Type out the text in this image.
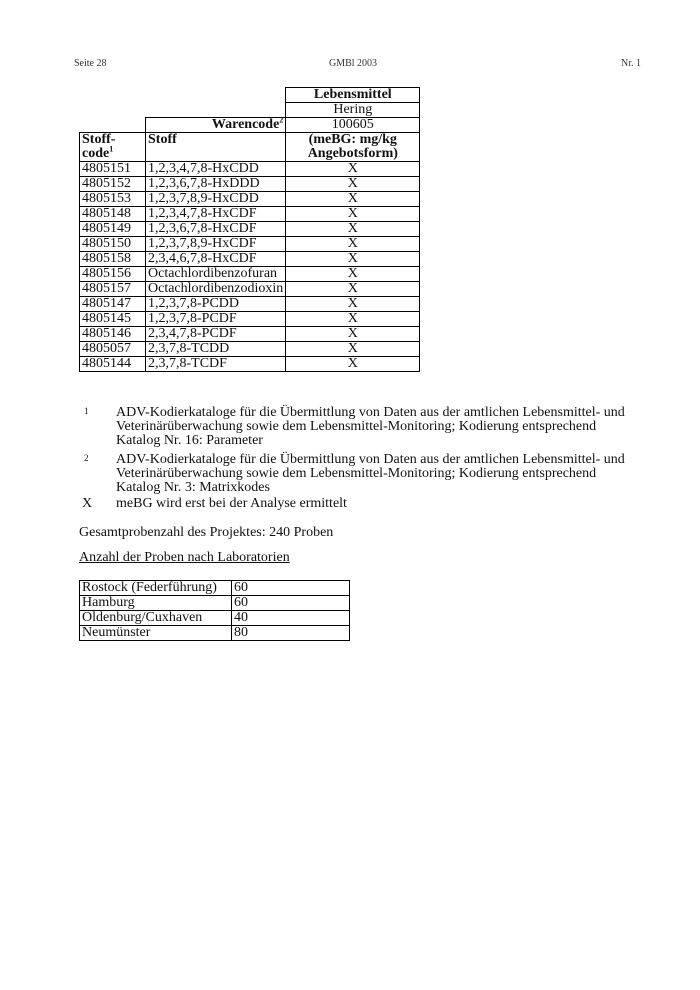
Seite 28	GMBl 2003	Nr. 1
		Lebensmittel
		Hering
	Warencode$^2$	100605
Stoff-code$^1$	Stoff	(meBG: mg/kg Angebotsform)
4805151	1,2,3,4,7,8-HxCDD	X
4805152	1,2,3,6,7,8-HxDDD	X
4805153	1,2,3,7,8,9-HxCDD	X
4805148	1,2,3,4,7,8-HxCDF	X
4805149	1,2,3,6,7,8-HxCDF	X
4805150	1,2,3,7,8,9-HxCDF	X
4805158	2,3,4,6,7,8-HxCDF	X
4805156	Octachlordibenzofuran	X
4805157	Octachlordibenzodioxin	X
4805147	1,2,3,7,8-PCDD	X
4805145	1,2,3,7,8-PCDF	X
4805146	2,3,4,7,8-PCDF	X
4805057	2,3,7,8-TCDD	X
4805144	2,3,7,8-TCDF	X
1 ADV-Kodierkataloge für die Übermittlung von Daten aus der amtlichen Lebensmittel- und Veterinärüberwachung sowie dem Lebensmittel-Monitoring; Kodierung entsprechend Katalog Nr. 16: Parameter
2 ADV-Kodierkataloge für die Übermittlung von Daten aus der amtlichen Lebensmittel- und Veterinärüberwachung sowie dem Lebensmittel-Monitoring; Kodierung entsprechend Katalog Nr. 3: Matrixkodes
X meBG wird erst bei der Analyse ermittelt
Gesamtprobenzahl des Projektes: 240 Proben
Anzahl der Proben nach Laboratorien
Rostock (Federführung)	60
Hamburg	60
Oldenburg/Cuxhaven	40
Neumünster	80
